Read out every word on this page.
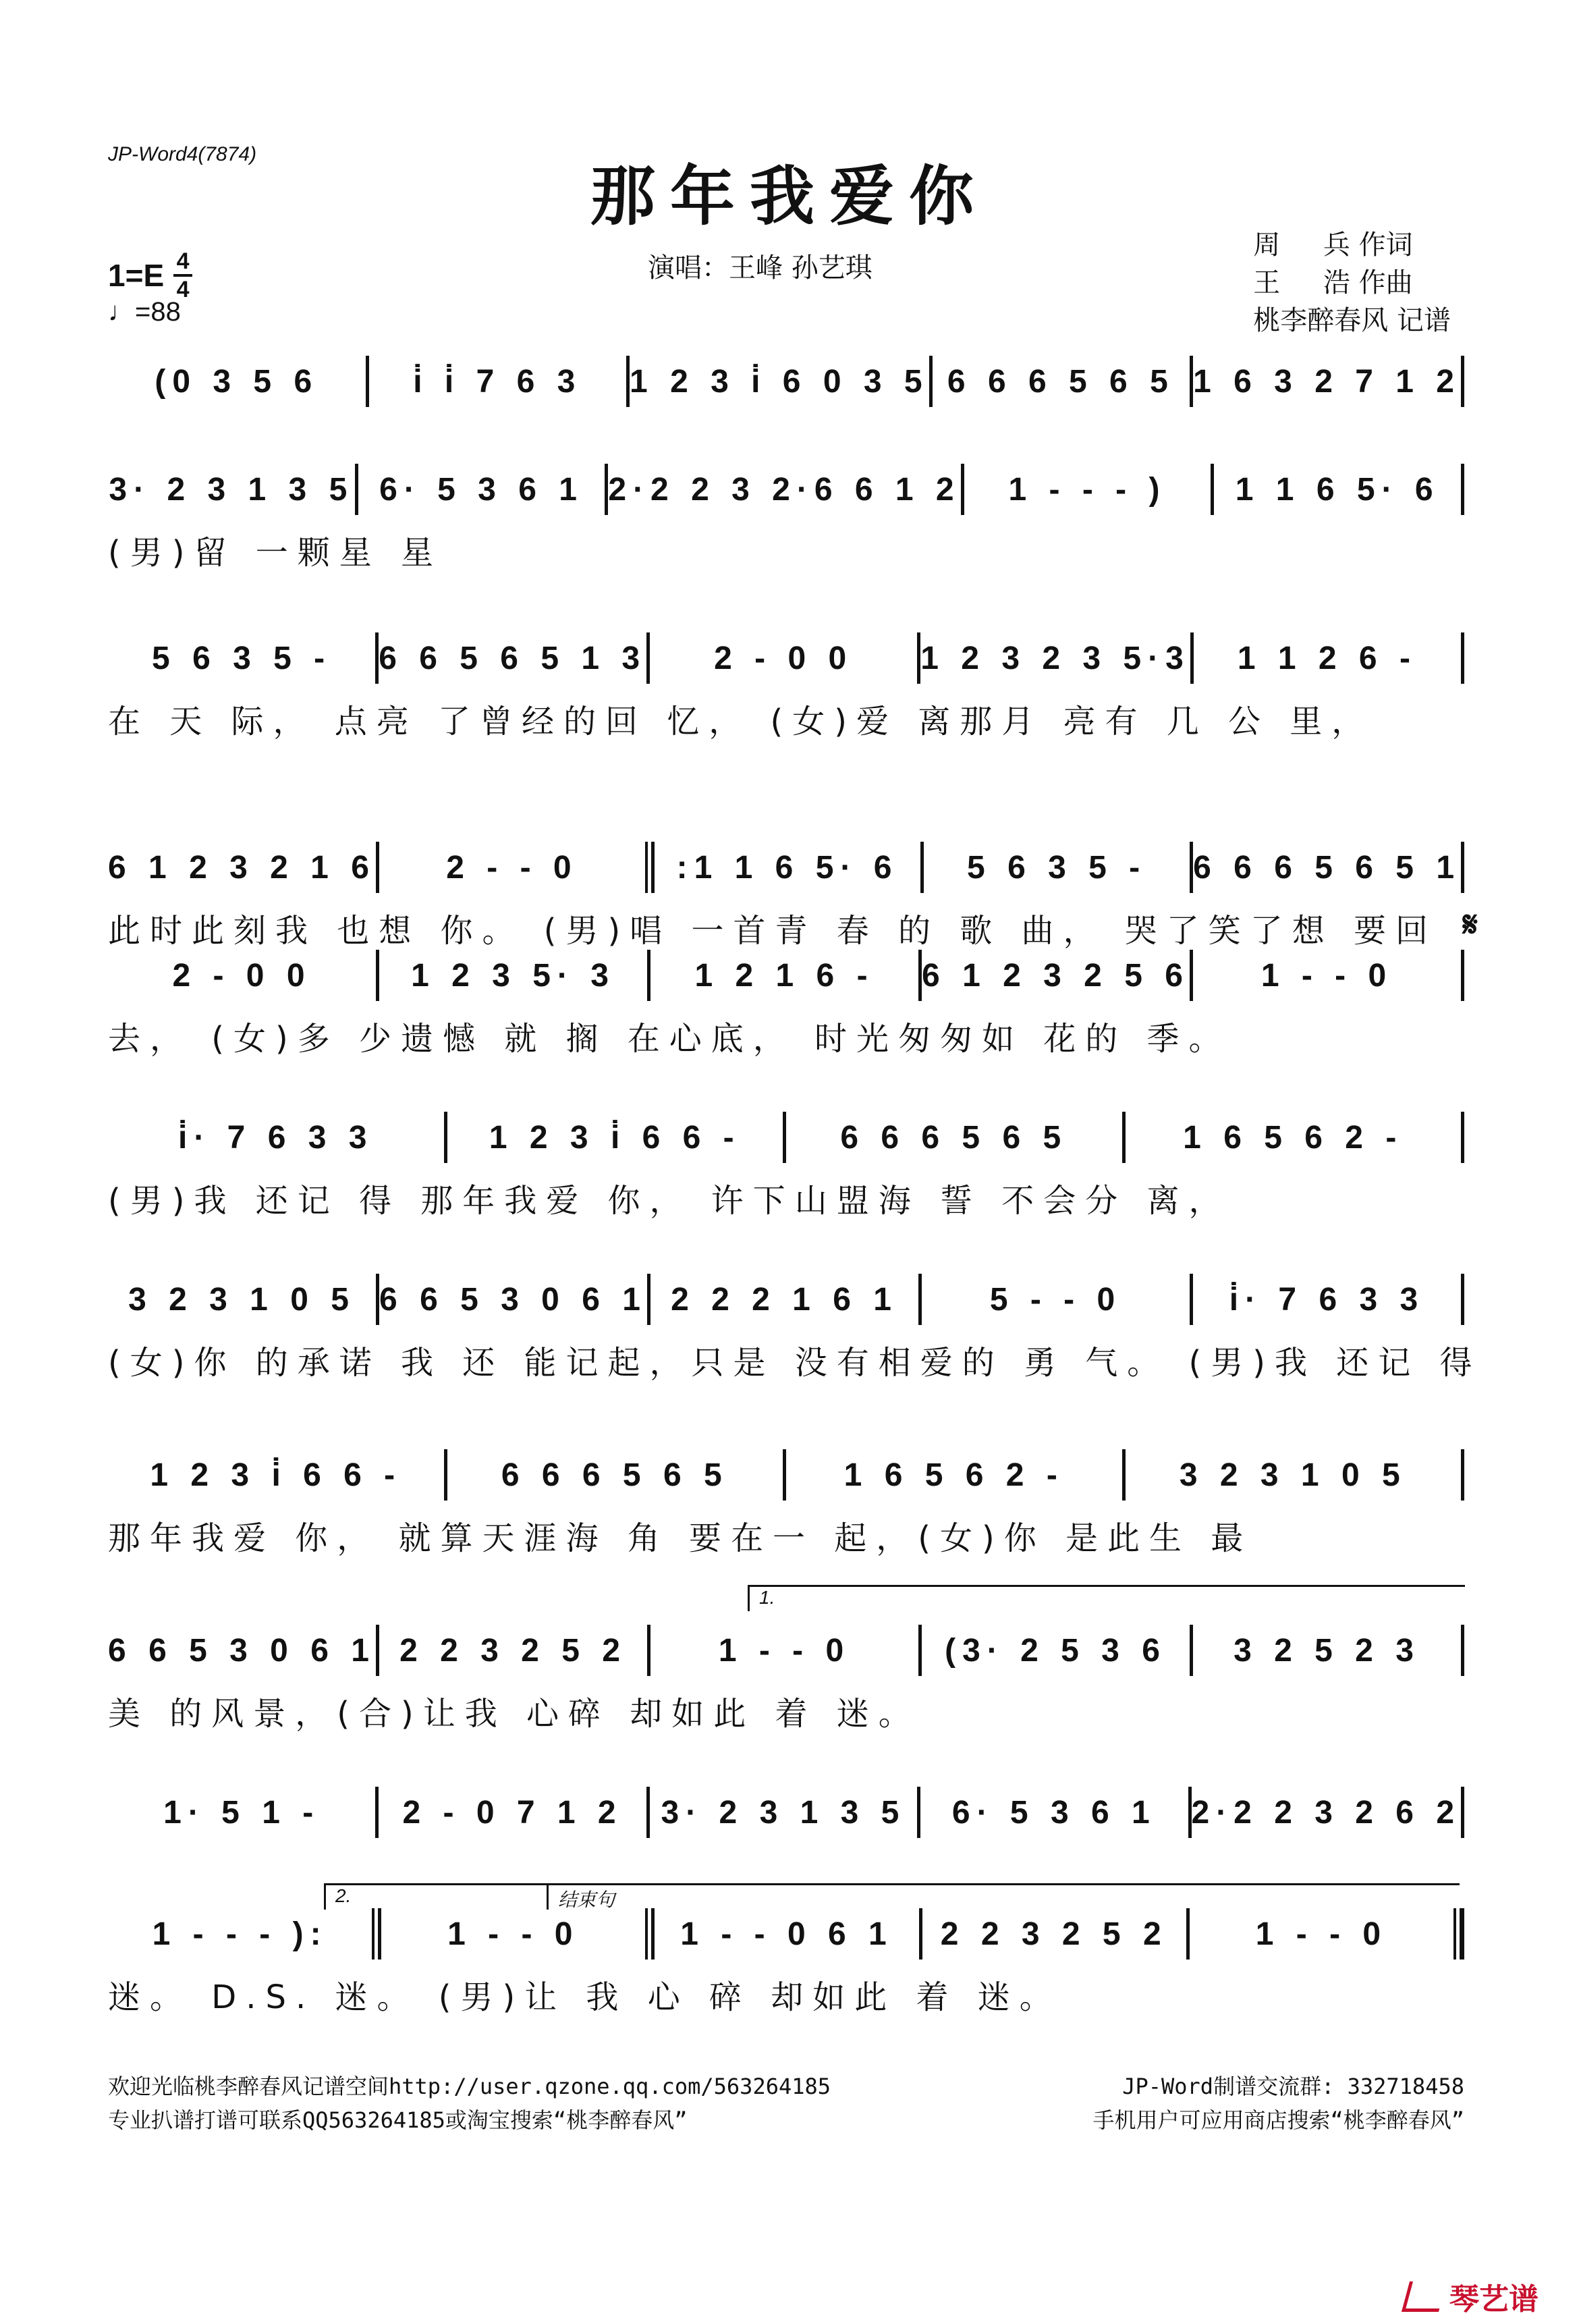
JP-Word4(7874)
那年我爱你
1=E 4
4
♩=88
演唱：王峰 孙艺琪
周     兵 作词
王     浩 作曲
桃李醉春风 记谱
(0 3 5 6	i̇ i̇ 7 6 3	1 2 3 i̇ 6 0 3 5 6 6 6 5 6 5 1 6 3 2 7 1 2
3· 2 3 1 3 5 6· 5 3 6 1 2·2 2 3 2·6 6 1 2	1 - - - )	1 1 6 5· 6
(男)留 一颗星 星
5 6 3 5 -	6 6 5 6 5 1 3	2 - 0 0	1 2 3 2 3 5·3	1 1 2 6 -
在 天 际， 点亮 了曾经的回 忆， (女)爱 离那月 亮有 几 公 里，
6 1 2 3 2 1 6	2 - - 0	:1 1 6 5· 6	5 6 3 5 -	6 6 6 5 6 5 1
此时此刻我 也想 你。 (男)唱 一首青 春 的 歌 曲， 哭了笑了想 要回
2 - 0 0	1 2 3 5· 3	1 2 1 6 -	6 1 2 3 2 5 6	1 - - 0
去， (女)多 少遗憾 就 搁 在心底， 时光匆匆如 花的 季。
i̇· 7 6 3 3	1 2 3 i̇ 6 6 -	6 6 6 5 6 5	1 6 5 6 2 -
(男)我 还记 得 那年我爱 你， 许下山盟海 誓 不会分 离，
3 2 3 1 0 5 6 6 5 3 0 6 1 2 2 2 1 6 1	5 - - 0	i̇· 7 6 3 3
(女)你 的承诺 我 还 能记起，只是 没有相爱的 勇 气。 (男)我 还记 得
1 2 3 i̇ 6 6 -	6 6 6 5 6 5	1 6 5 6 2 -	3 2 3 1 0 5
那年我爱 你， 就算天涯海 角 要在一 起，(女)你 是此生 最
6 6 5 3 0 6 1 2 2 3 2 5 2	1 - - 0	(3· 2 5 3 6	3 2 5 2 3
美 的风景，(合)让我 心碎 却如此 着 迷。
1· 5 1 -	2 - 0 7 1 2	3· 2 3 1 3 5	6· 5 3 6 1	2·2 2 3 2 6 2
1 - - - ):	1 - - 0	1 - - 0 6 1	2 2 3 2 5 2	1 - - 0
迷。 D.S. 迷。 (男)让 我 心 碎 却如此 着 迷。
𝄋
1.
2.	结束句
欢迎光临桃李醉春风记谱空间http://user.qzone.qq.com/563264185	JP-Word制谱交流群: 332718458
专业扒谱打谱可联系QQ563264185或淘宝搜索“桃李醉春风”	手机用户可应用商店搜索“桃李醉春风”
琴艺谱
